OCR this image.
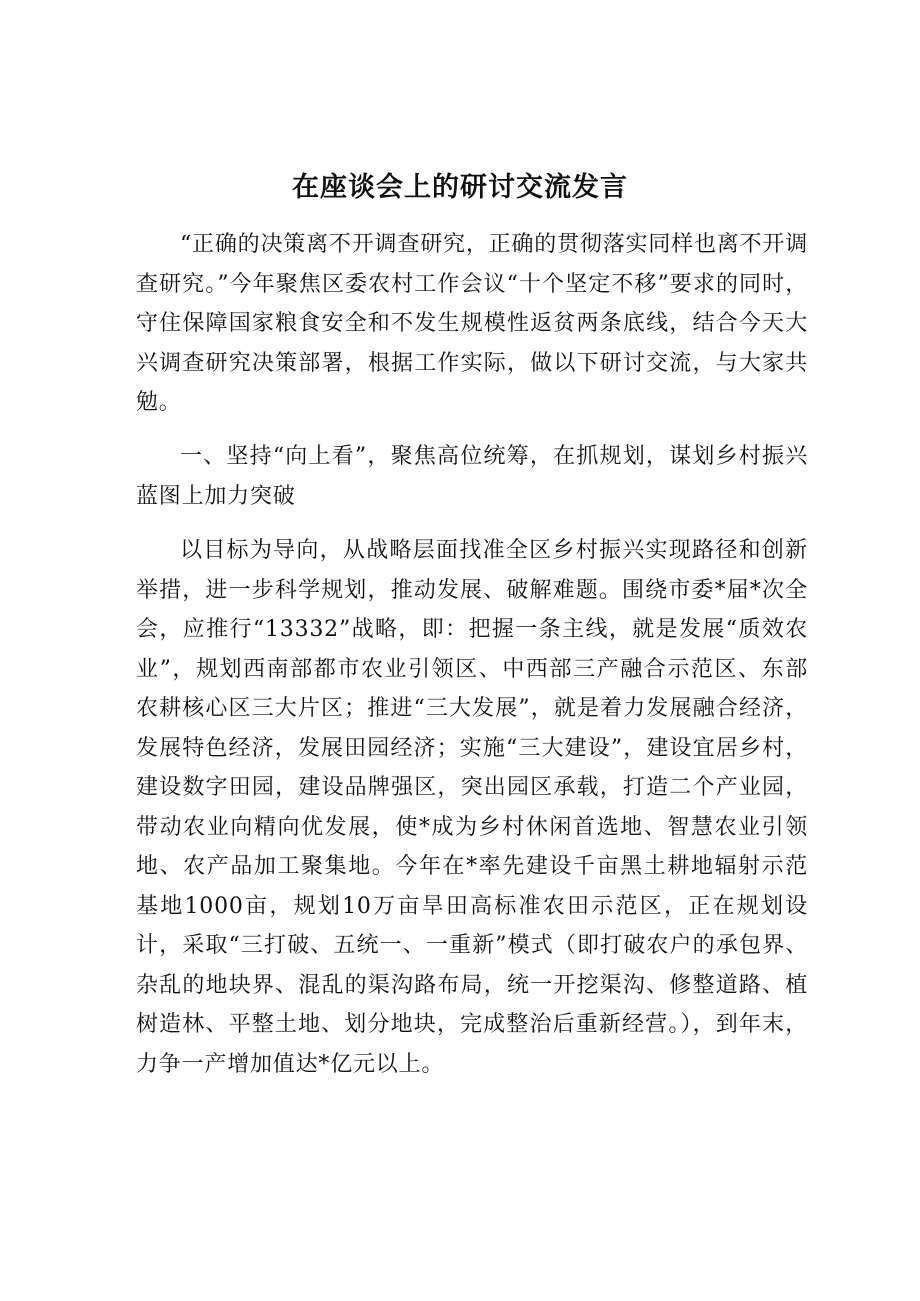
在座谈会上的研讨交流发言

“正确的决策离不开调查研究，正确的贯彻落实同样也离不开调查研究。”今年聚焦区委农村工作会议“十个坚定不移”要求的同时，守住保障国家粮食安全和不发生规模性返贫两条底线，结合今天大兴调查研究决策部署，根据工作实际，做以下研讨交流，与大家共勉。

一、坚持“向上看”，聚焦高位统筹，在抓规划，谋划乡村振兴蓝图上加力突破

以目标为导向，从战略层面找准全区乡村振兴实现路径和创新举措，进一步科学规划，推动发展、破解难题。围绕市委*届*次全会，应推行“13332”战略，即：把握一条主线，就是发展“质效农业”，规划西南部都市农业引领区、中西部三产融合示范区、东部农耕核心区三大片区；推进“三大发展”，就是着力发展融合经济，发展特色经济，发展田园经济；实施“三大建设”，建设宜居乡村，建设数字田园，建设品牌强区，突出园区承载，打造二个产业园，带动农业向精向优发展，使*成为乡村休闲首选地、智慧农业引领地、农产品加工聚集地。今年在*率先建设千亩黑土耕地辐射示范基地1000亩，规划10万亩旱田高标准农田示范区，正在规划设计，采取“三打破、五统一、一重新”模式（即打破农户的承包界、杂乱的地块界、混乱的渠沟路布局，统一开挖渠沟、修整道路、植树造林、平整土地、划分地块，完成整治后重新经营。），到年末，力争一产增加值达*亿元以上。
